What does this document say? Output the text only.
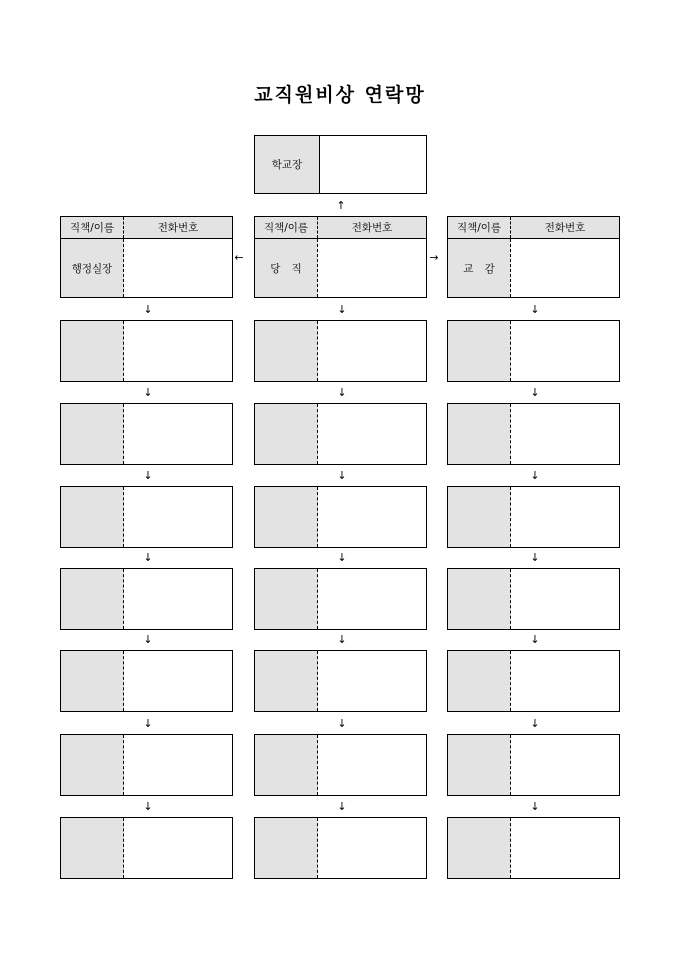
교직원비상 연락망
학교장
↑
직책/이름	전화번호
행정실장
←
직책/이름	전화번호
당 직
→
직책/이름	전화번호
교 감
↓
↓
↓
↓
↓
↓
↓
↓
↓
↓
↓
↓
↓
↓
↓
↓
↓
↓
↓
↓
↓
